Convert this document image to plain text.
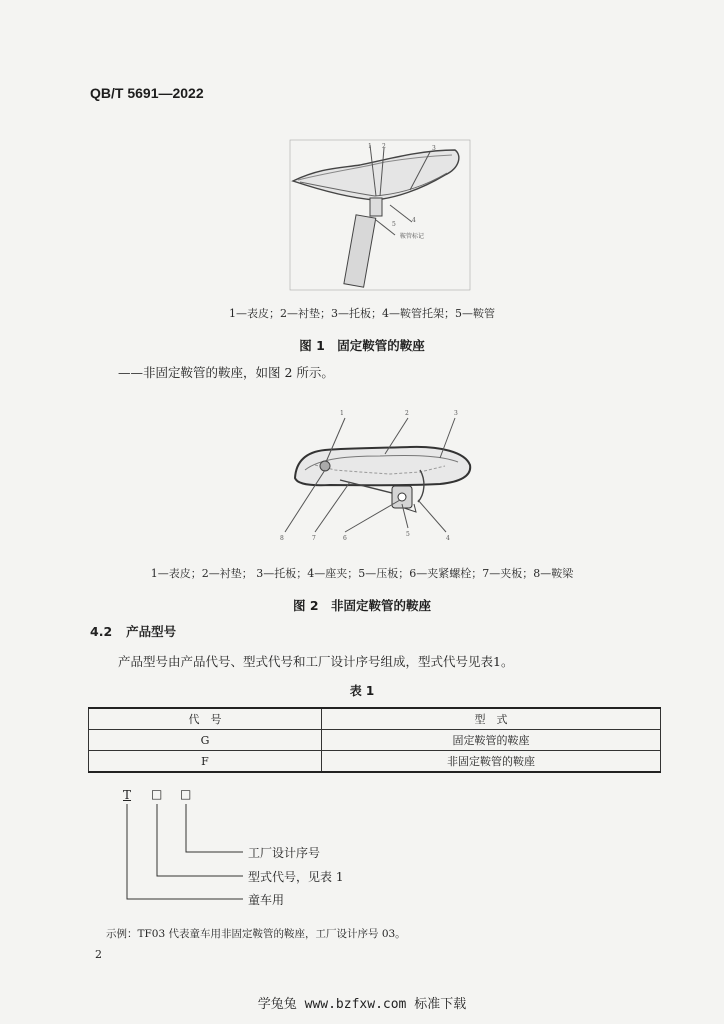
QB/T 5691—2022
1 2	3
4
5
鞍管标记
1—表皮；2—衬垫；3—托板；4—鞍管托架；5—鞍管
图 1　固定鞍管的鞍座
——非固定鞍管的鞍座，如图 2 所示。
1	2	3
8	7	6
5
4
1—表皮；2—衬垫； 3—托板；4—座夹；5—压板；6—夹紧螺栓；7—夹板；8—鞍梁
图 2　非固定鞍管的鞍座
4.2 产品型号
产品型号由产品代号、型式代号和工厂设计序号组成，型式代号见表1。
表 1
代　号	型　式
G	固定鞍管的鞍座
F	非固定鞍管的鞍座
T □ □
工厂设计序号
型式代号，见表 1
童车用
示例：TF03 代表童车用非固定鞍管的鞍座，工厂设计序号 03。
2
学兔兔 www.bzfxw.com 标准下载
